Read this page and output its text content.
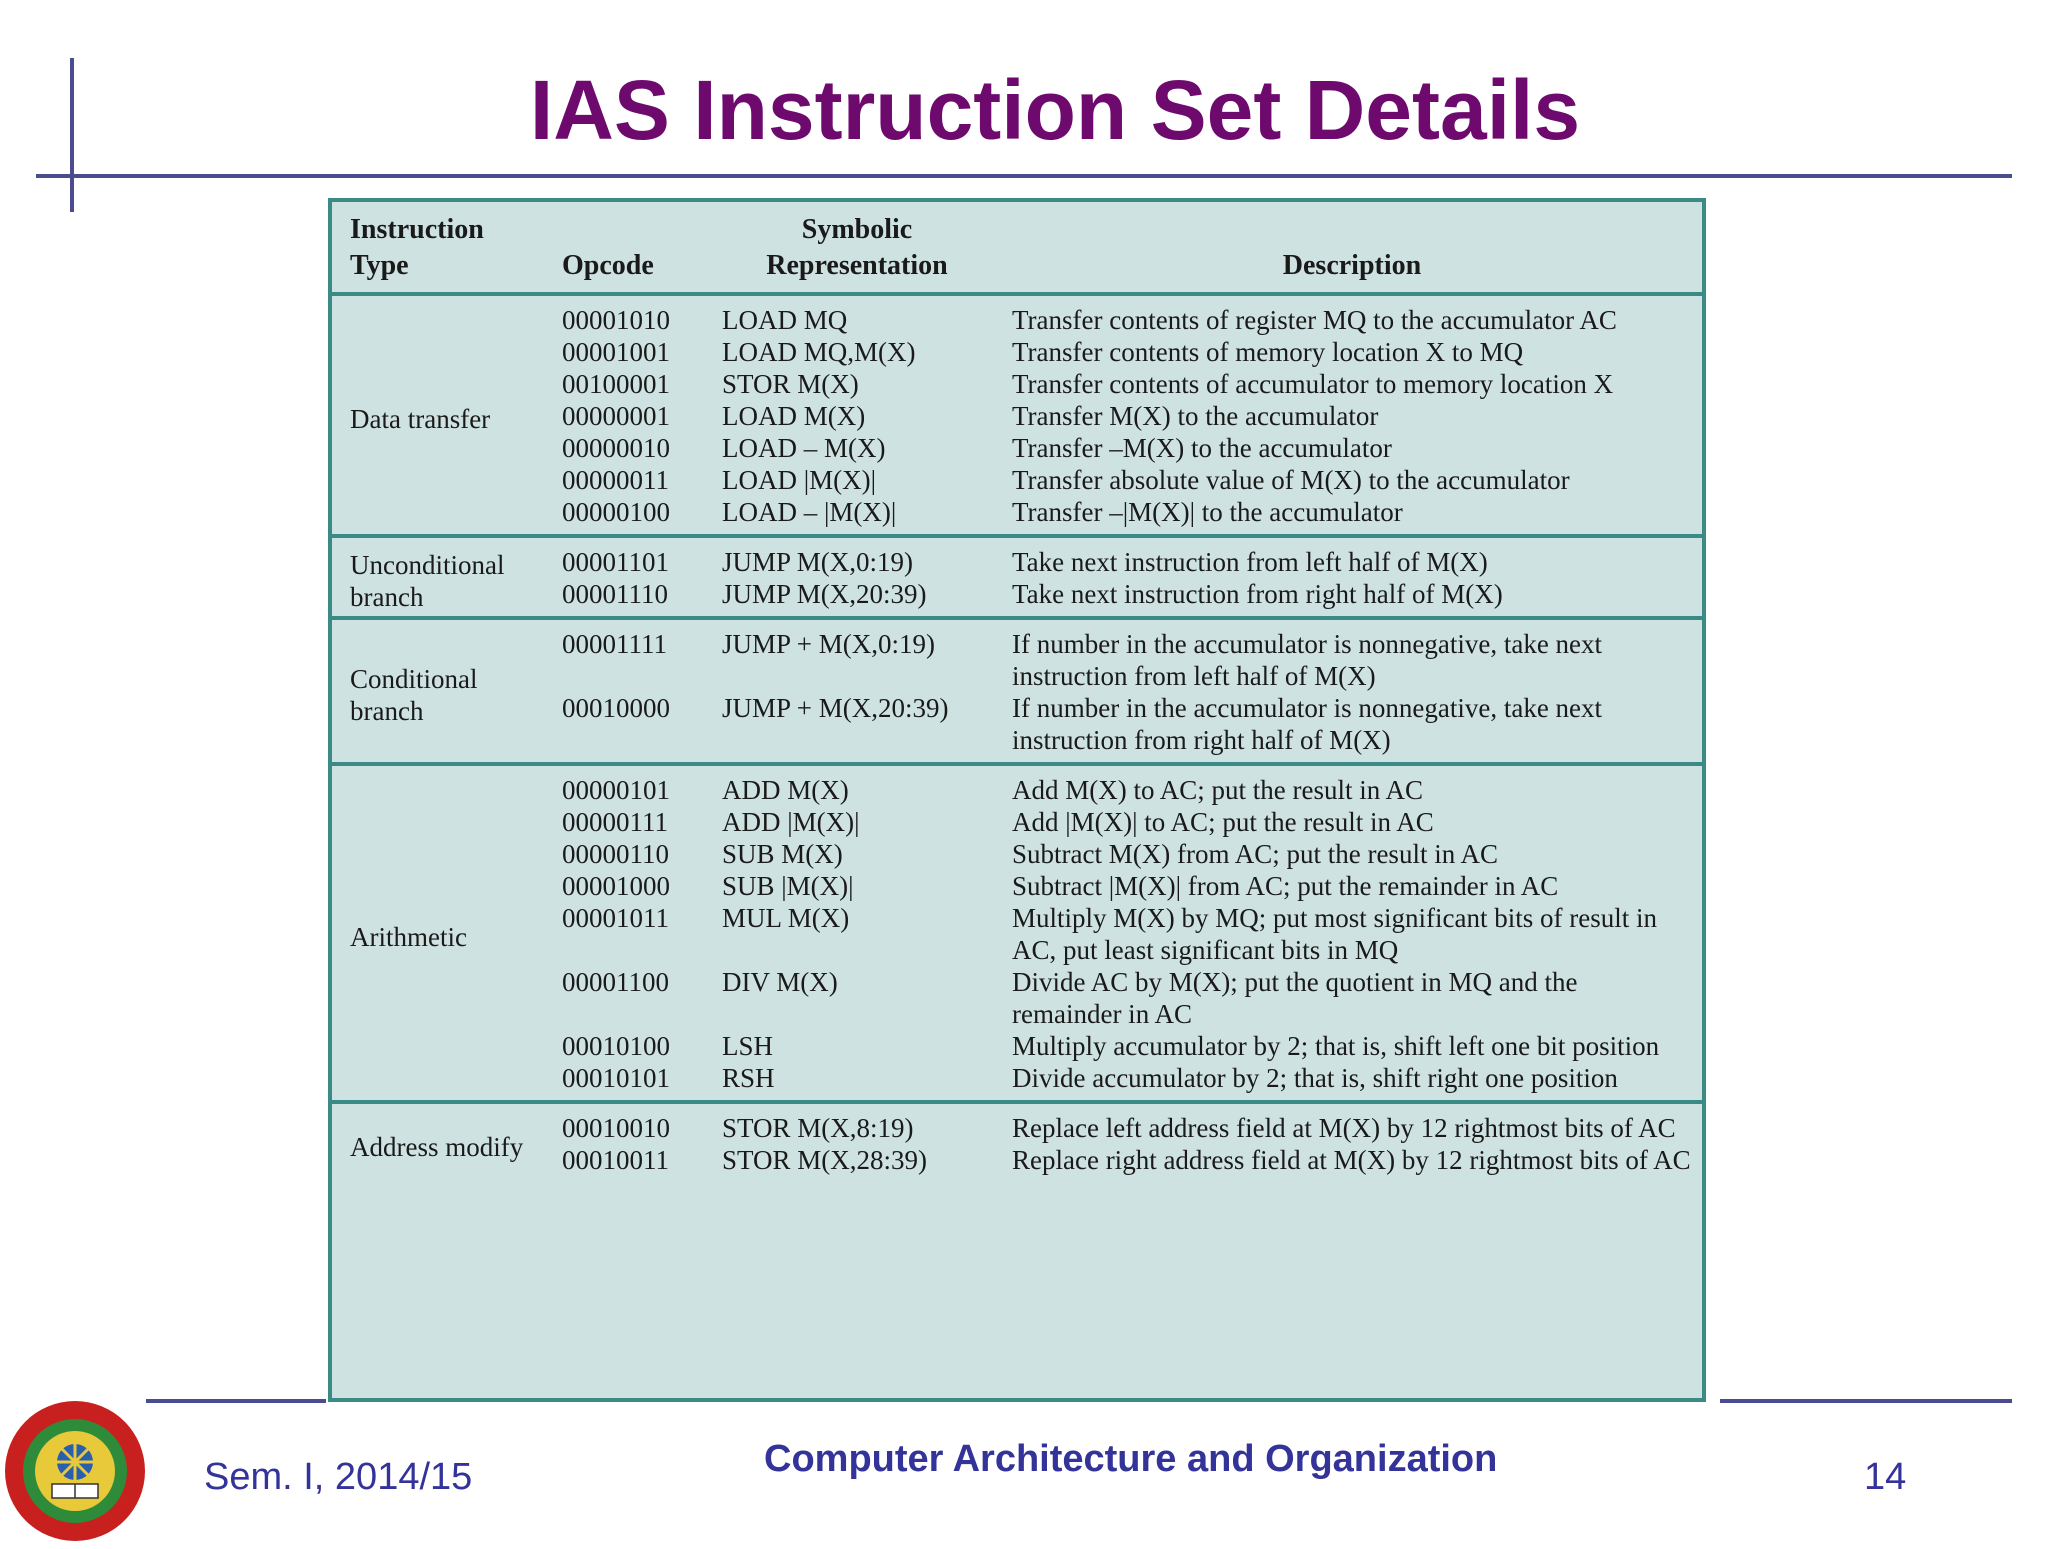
IAS Instruction Set Details
Instruction Type	Opcode	Symbolic Representation	Description
Data transfer	00001010	LOAD MQ	Transfer contents of register MQ to the accumulator AC
	00001001	LOAD MQ,M(X)	Transfer contents of memory location X to MQ
	00100001	STOR M(X)	Transfer contents of accumulator to memory location X
	00000001	LOAD M(X)	Transfer M(X) to the accumulator
	00000010	LOAD – M(X)	Transfer –M(X) to the accumulator
	00000011	LOAD |M(X)|	Transfer absolute value of M(X) to the accumulator
	00000100	LOAD – |M(X)|	Transfer –|M(X)| to the accumulator
Unconditional branch	00001101	JUMP M(X,0:19)	Take next instruction from left half of M(X)
	00001110	JUMP M(X,20:39)	Take next instruction from right half of M(X)
Conditional branch	00001111	JUMP + M(X,0:19)	If number in the accumulator is nonnegative, take next instruction from left half of M(X)
	00010000	JUMP + M(X,20:39)	If number in the accumulator is nonnegative, take next instruction from right half of M(X)
Arithmetic	00000101	ADD M(X)	Add M(X) to AC; put the result in AC
	00000111	ADD |M(X)|	Add |M(X)| to AC; put the result in AC
	00000110	SUB M(X)	Subtract M(X) from AC; put the result in AC
	00001000	SUB |M(X)|	Subtract |M(X)| from AC; put the remainder in AC
	00001011	MUL M(X)	Multiply M(X) by MQ; put most significant bits of result in AC, put least significant bits in MQ
	00001100	DIV M(X)	Divide AC by M(X); put the quotient in MQ and the remainder in AC
	00010100	LSH	Multiply accumulator by 2; that is, shift left one bit position
	00010101	RSH	Divide accumulator by 2; that is, shift right one position
Address modify	00010010	STOR M(X,8:19)	Replace left address field at M(X) by 12 rightmost bits of AC
	00010011	STOR M(X,28:39)	Replace right address field at M(X) by 12 rightmost bits of AC
Sem. I, 2014/15	Computer Architecture and Organization	14
